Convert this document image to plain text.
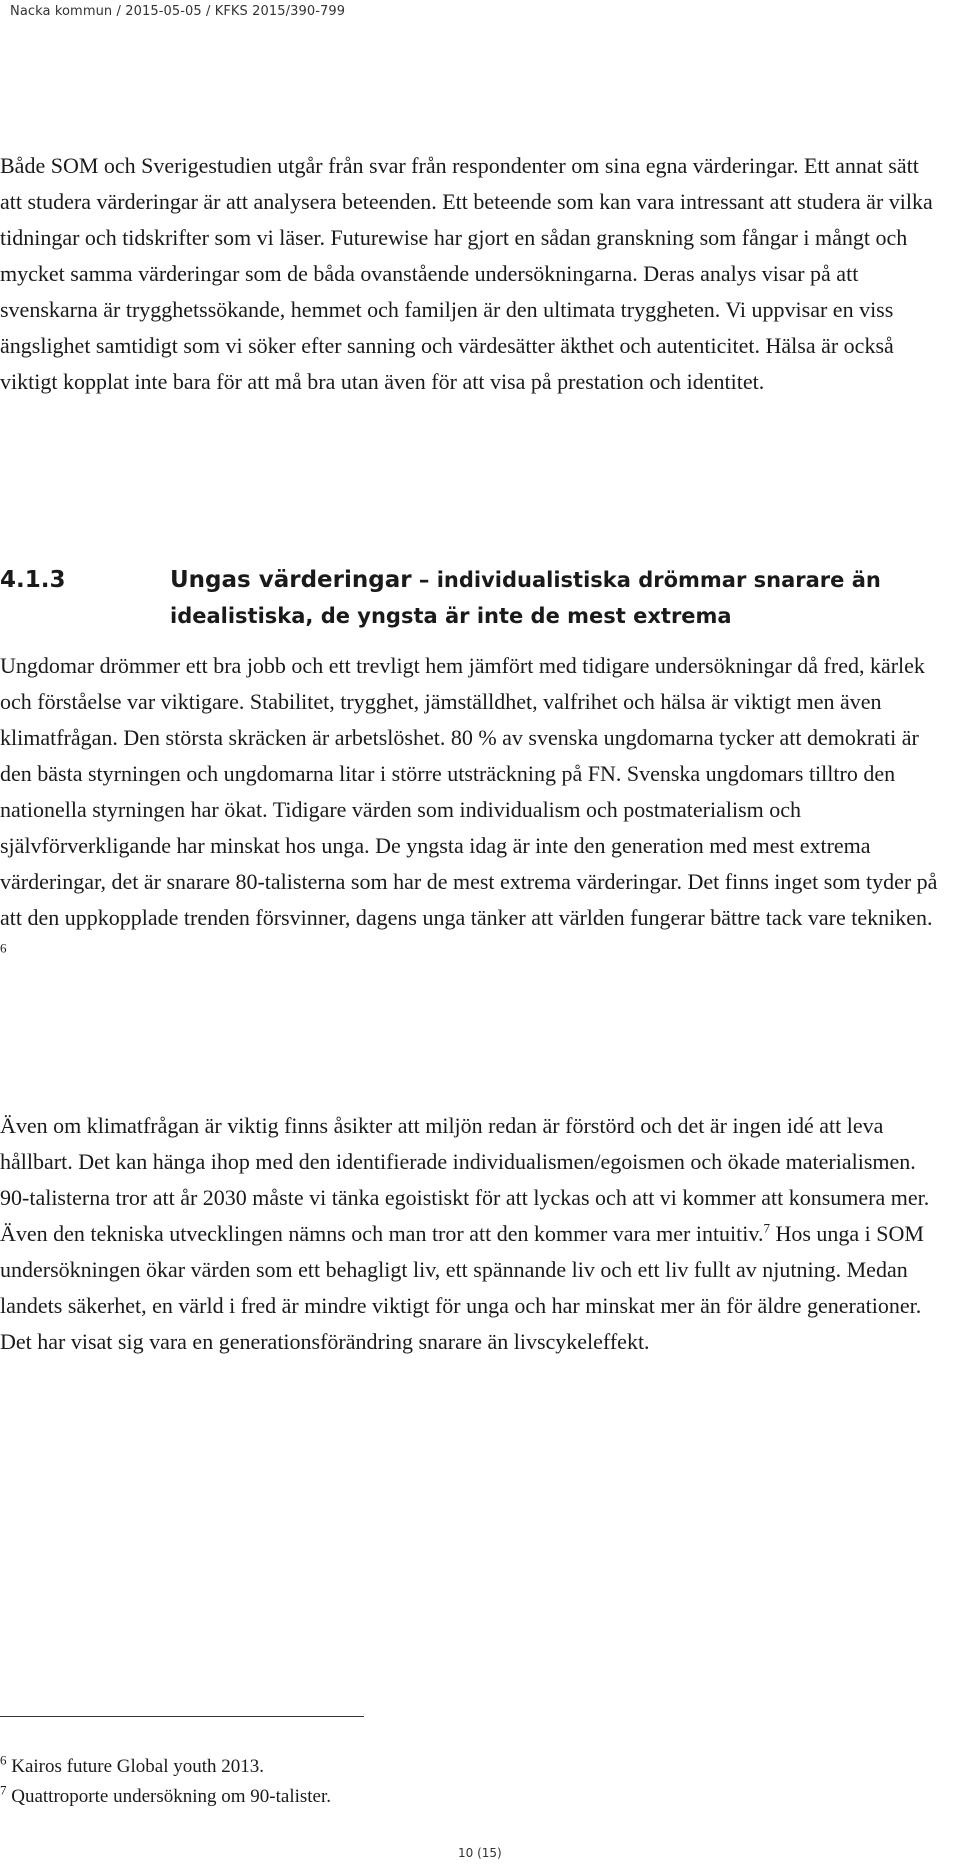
Nacka kommun / 2015-05-05 / KFKS 2015/390-799

Både SOM och Sverigestudien utgår från svar från respondenter om sina egna värderingar. Ett annat sätt att studera värderingar är att analysera beteenden. Ett beteende som kan vara intressant att studera är vilka tidningar och tidskrifter som vi läser. Futurewise har gjort en sådan granskning som fångar i mångt och mycket samma värderingar som de båda ovanstående undersökningarna. Deras analys visar på att svenskarna är trygghetssökande, hemmet och familjen är den ultimata tryggheten. Vi uppvisar en viss ängslighet samtidigt som vi söker efter sanning och värdesätter äkthet och autenticitet. Hälsa är också viktigt kopplat inte bara för att må bra utan även för att visa på prestation och identitet.

4.1.3	Ungas värderingar – individualistiska drömmar snarare än idealistiska, de yngsta är inte de mest extrema

Ungdomar drömmer ett bra jobb och ett trevligt hem jämfört med tidigare undersökningar då fred, kärlek och förståelse var viktigare. Stabilitet, trygghet, jämställdhet, valfrihet och hälsa är viktigt men även klimatfrågan. Den största skräcken är arbetslöshet. 80 % av svenska ungdomarna tycker att demokrati är den bästa styrningen och ungdomarna litar i större utsträckning på FN. Svenska ungdomars tilltro den nationella styrningen har ökat. Tidigare värden som individualism och postmaterialism och självförverkligande har minskat hos unga. De yngsta idag är inte den generation med mest extrema värderingar, det är snarare 80-talisterna som har de mest extrema värderingar. Det finns inget som tyder på att den uppkopplade trenden försvinner, dagens unga tänker att världen fungerar bättre tack vare tekniken. $^6$

Även om klimatfrågan är viktig finns åsikter att miljön redan är förstörd och det är ingen idé att leva hållbart. Det kan hänga ihop med den identifierade individualismen/egoismen och ökade materialismen. 90-talisterna tror att år 2030 måste vi tänka egoistiskt för att lyckas och att vi kommer att konsumera mer. Även den tekniska utvecklingen nämns och man tror att den kommer vara mer intuitiv.$^7$ Hos unga i SOM undersökningen ökar värden som ett behagligt liv, ett spännande liv och ett liv fullt av njutning. Medan landets säkerhet, en värld i fred är mindre viktigt för unga och har minskat mer än för äldre generationer. Det har visat sig vara en generationsförändring snarare än livscykeleffekt.

$^6$ Kairos future Global youth 2013.
$^7$ Quattroporte undersökning om 90-talister.
10 (15)
